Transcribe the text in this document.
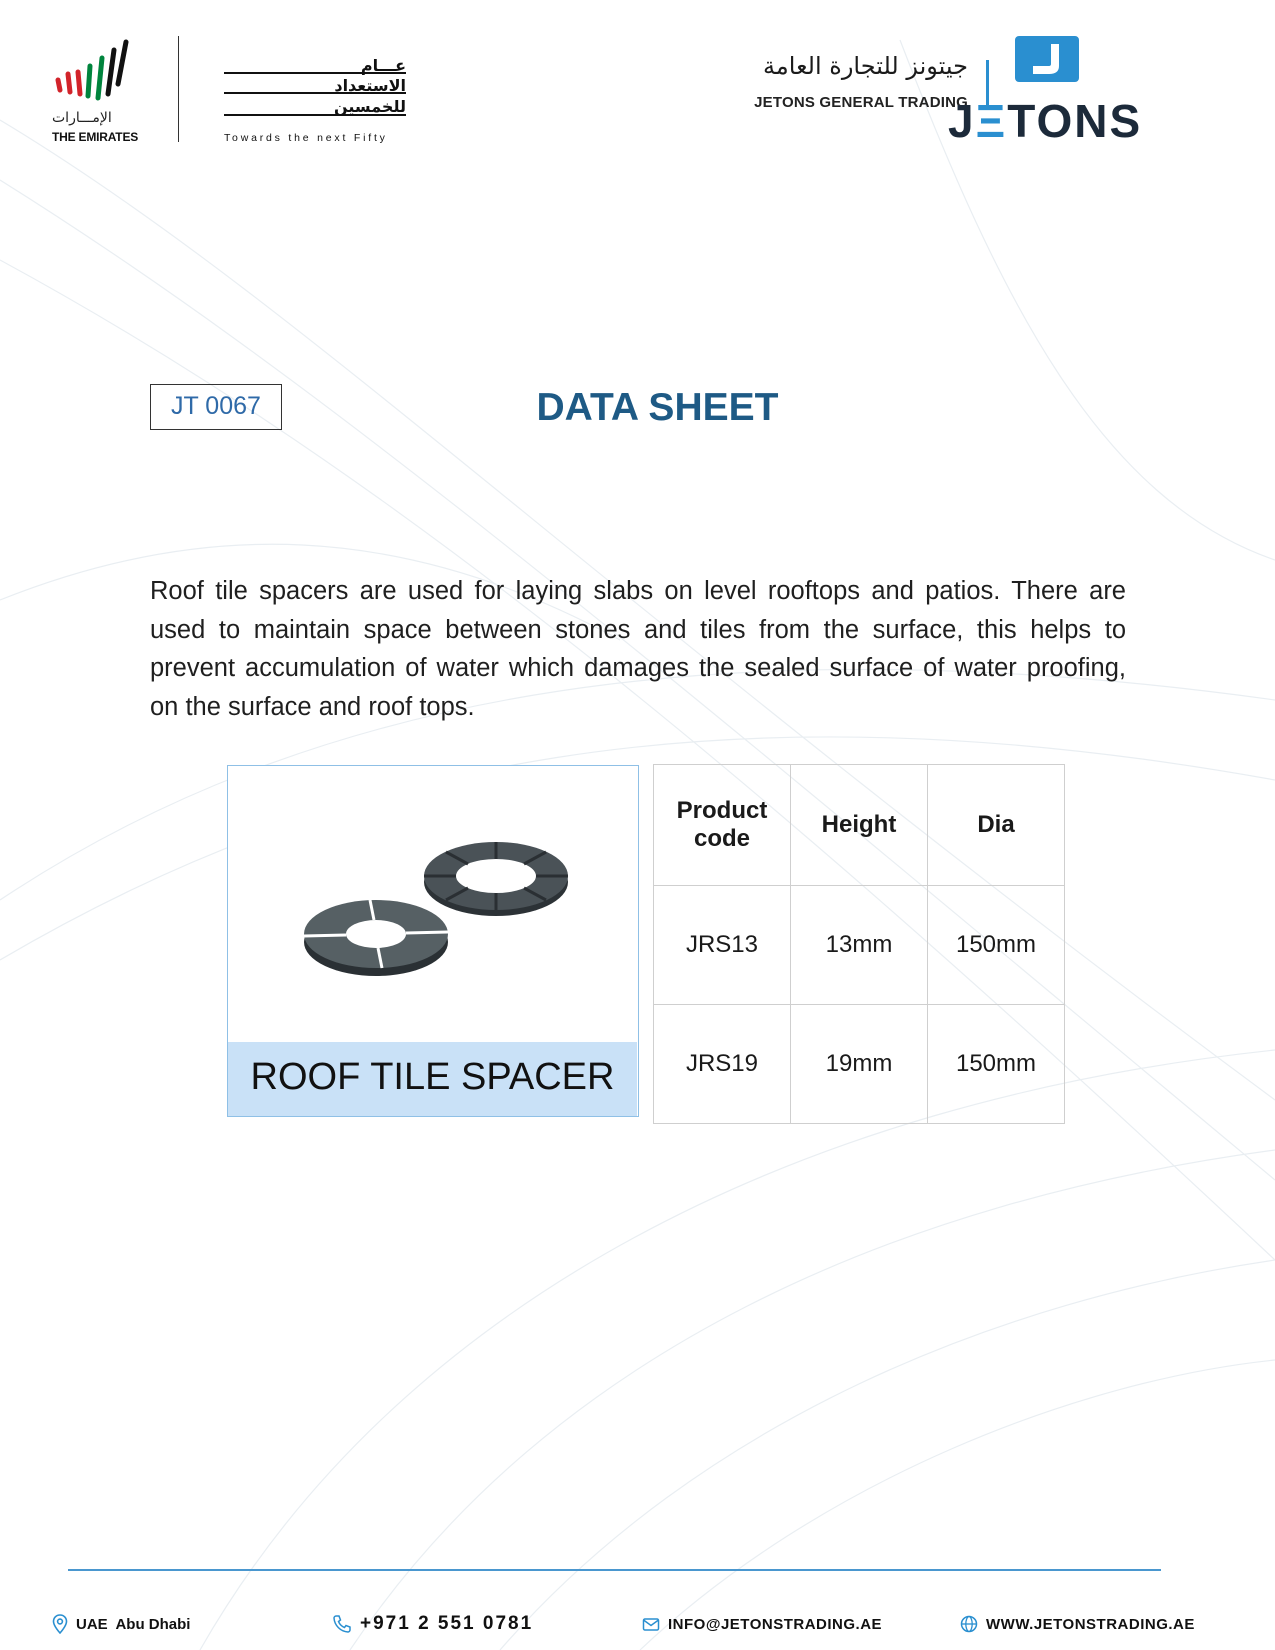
الإمـــارات
THE EMIRATES
عـــام
الاستعداد
للخمسين
Towards the next Fifty
جيتونز للتجارة العامة
JETONS GENERAL TRADING
JΞTONS
JT 0067	DATA SHEET
Roof tile spacers are used for laying slabs on level rooftops and patios. There are used to maintain space between stones and tiles from the surface, this helps to prevent accumulation of water which damages the sealed surface of water proofing, on the surface and roof tops.
ROOF TILE SPACER
Product code	Height	Dia
JRS13	13mm	150mm
JRS19	19mm	150mm
UAE  Abu Dhabi	+971 2 551 0781	INFO@JETONSTRADING.AE	WWW.JETONSTRADING.AE
